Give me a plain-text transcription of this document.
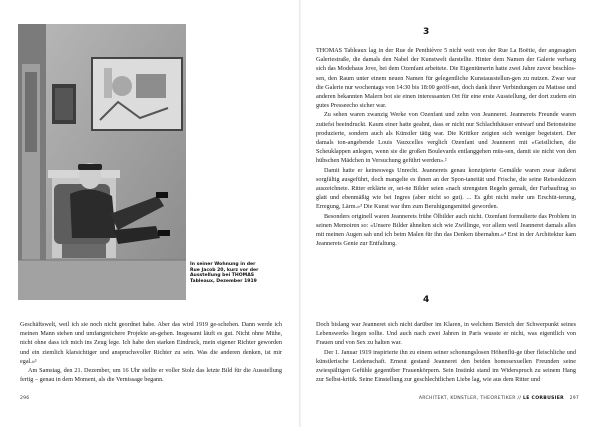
In seiner Wohnung in der
Rue Jacob 20, kurz vor der
Ausstellung bei THOMAS
Tableaux, Dezember 1919

Geschäftswelt, weil ich sie noch nicht geordnet habe. Aber das wird 1919 ge-schehen. Dann werde ich meinen Mann stehen und umfangreichere Projekte an-gehen. Insgesamt läuft es gut. Nicht ohne Mühe, nicht ohne dass ich mich ins Zeug lege. Ich habe den starken Eindruck, mein eigener Richter geworden und ein ziemlich klarsichtiger und anspruchsvoller Richter zu sein. Was die anderen denken, ist mir egal.»¹

Am Samstag, den 21. Dezember, um 16 Uhr stellte er voller Stolz das letzte Bild für die Ausstellung fertig – genau in dem Moment, als die Vernissage begann.

296
3

THOMAS Tableaux lag in der Rue de Penthièvre 5 nicht weit von der Rue La Boëtie, der angesagten Galeriestraße, die damals den Nabel der Kunstwelt darstellte. Hinter dem Namen der Galerie verbarg sich das Modehaus Jove, bei dem Ozenfant arbeitete. Die Eigentümerin hatte zwei Jahre zuvor beschlos-sen, den Raum unter einem neuen Namen für gelegentliche Kunstausstellun-gen zu nutzen. Zwar war die Galerie nur wochentags von 14:30 bis 18:00 geöff-net, doch dank ihrer Verbindungen zu Matisse und anderen bekannten Malern bot sie einen interessanten Ort für eine erste Ausstellung, der dort zudem ein gutes Presseecho sicher war.

Zu sehen waren zwanzig Werke von Ozenfant und zehn von Jeanneret. Jeannerets Freunde waren zutiefst beeindruckt. Kaum einer hatte geahnt, dass er nicht nur Schlachthäuser entwarf und Betonsteine produzierte, sondern auch als Künstler tätig war. Die Kritiker zeigten sich weniger begeistert. Der damals ton-angebende Louis Vauxcelles verglich Ozenfant und Jeanneret mit «Geistlichen, die Scheuklappen anlegen, wenn sie die großen Boulevards entlanggehen müs-sen, damit sie nicht von den hübschen Mädchen in Versuchung geführt werden».²

Damit hatte er keineswegs Unrecht. Jeannerets genau konzipierte Gemälde waren zwar äußerst sorgfältig ausgeführt, doch mangelte es ihnen an der Spon-taneität und Frische, die seine Reiseskizzen auszeichnete. Ritter erklärte er, sei-ne Bilder seien «nach strengsten Regeln gemalt, der Farbauftrag so glatt und ebenmäßig wie bei Ingres (aber nicht so gut). ... Es gibt nicht mehr um Erschüt-terung, Erregung, Lärm.»³ Die Kunst war ihm zum Beruhigungsmittel geworden.

Besonders originell waren Jeannerets frühe Ölbilder auch nicht. Ozenfant formulierte das Problem in seinen Memoiren so: «Unsere Bilder ähnelten sich wie Zwillinge, vor allem weil Jeanneret damals alles mit meinen Augen sah und ich beim Malen für ihn das Denken übernahm.»⁴ Erst in der Architektur kam Jeannerets Genie zur Entfaltung.

4

Doch bislang war Jeanneret sich nicht darüber im Klaren, in welchem Bereich der Schwerpunkt seines Lebenswerks liegen sollte. Und auch nach zwei Jahren in Paris wusste er nicht, was eigentlich von Frauen und von Sex zu halten war.

Der 1. Januar 1919 inspirierte ihn zu einem seiner schonungslosen Höhenflü-ge über fleischliche und künstlerische Leidenschaft. Erneut gestand Jeanneret den beiden homosexuellen Freunden seine zwiespältigen Gefühle gegenüber Frauenkörpern. Sein Instinkt stand im Widerspruch zu seinem Hang zur Selbst-kritik. Seine Einstellung zur geschlechtlichen Liebe lag, wie aus dem Ritter und

ARCHITEKT, KÜNSTLER, THEORETIKER // LE CORBUSIER 297
